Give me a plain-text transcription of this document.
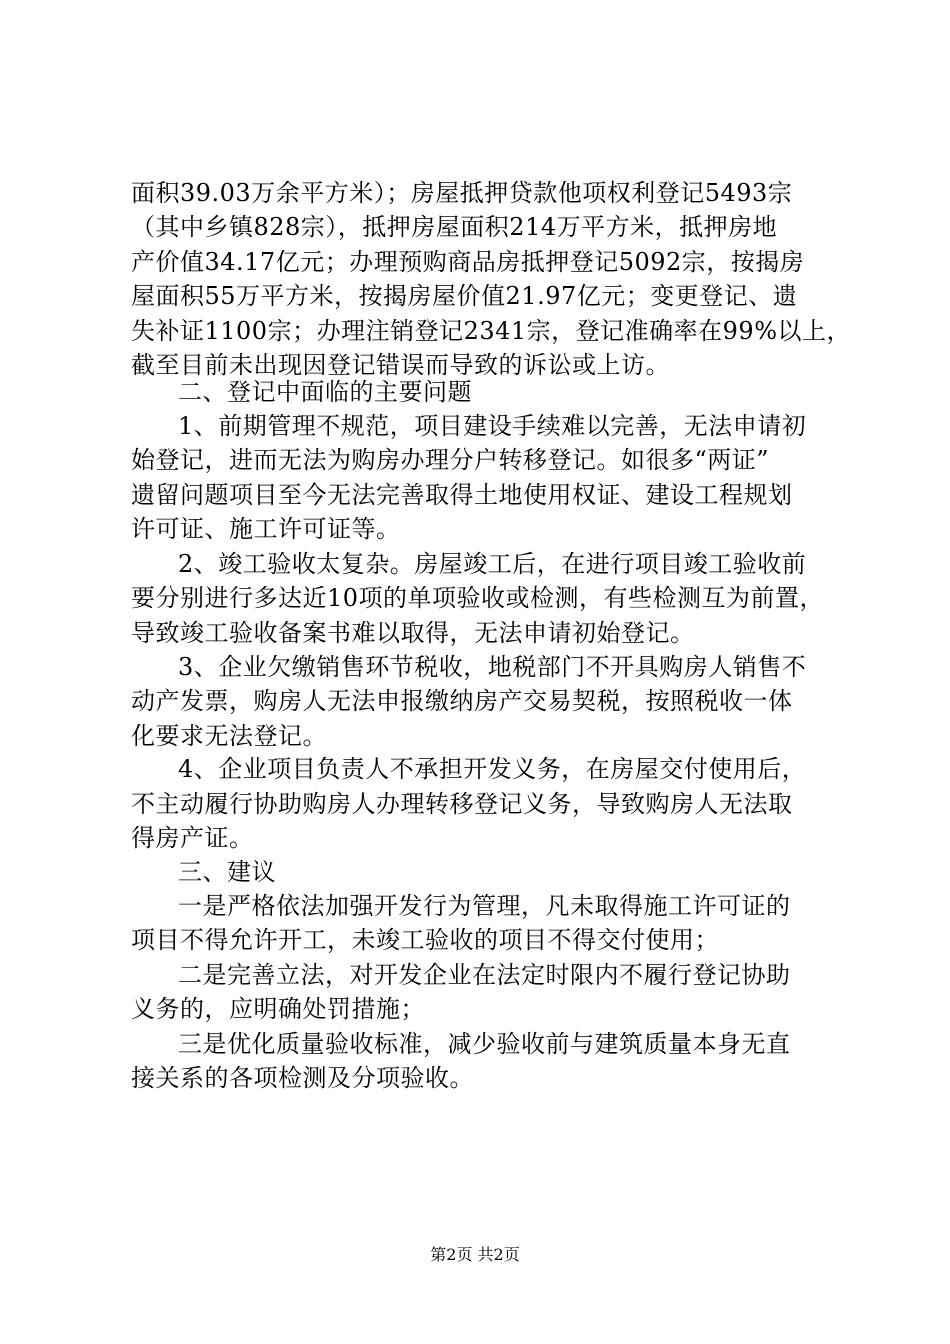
面积39.03万余平方米）；房屋抵押贷款他项权利登记5493宗
（其中乡镇828宗），抵押房屋面积214万平方米，抵押房地
产价值34.17亿元；办理预购商品房抵押登记5092宗，按揭房
屋面积55万平方米，按揭房屋价值21.97亿元；变更登记、遗
失补证1100宗；办理注销登记2341宗，登记准确率在99%以上，
截至目前未出现因登记错误而导致的诉讼或上访。
二、登记中面临的主要问题
1、前期管理不规范，项目建设手续难以完善，无法申请初
始登记，进而无法为购房办理分户转移登记。如很多“两证”
遗留问题项目至今无法完善取得土地使用权证、建设工程规划
许可证、施工许可证等。
2、竣工验收太复杂。房屋竣工后，在进行项目竣工验收前
要分别进行多达近10项的单项验收或检测，有些检测互为前置，
导致竣工验收备案书难以取得，无法申请初始登记。
3、企业欠缴销售环节税收，地税部门不开具购房人销售不
动产发票，购房人无法申报缴纳房产交易契税，按照税收一体
化要求无法登记。
4、企业项目负责人不承担开发义务，在房屋交付使用后，
不主动履行协助购房人办理转移登记义务，导致购房人无法取
得房产证。
三、建议
一是严格依法加强开发行为管理，凡未取得施工许可证的
项目不得允许开工，未竣工验收的项目不得交付使用；
二是完善立法，对开发企业在法定时限内不履行登记协助
义务的，应明确处罚措施；
三是优化质量验收标准，减少验收前与建筑质量本身无直
接关系的各项检测及分项验收。
第2页 共2页
